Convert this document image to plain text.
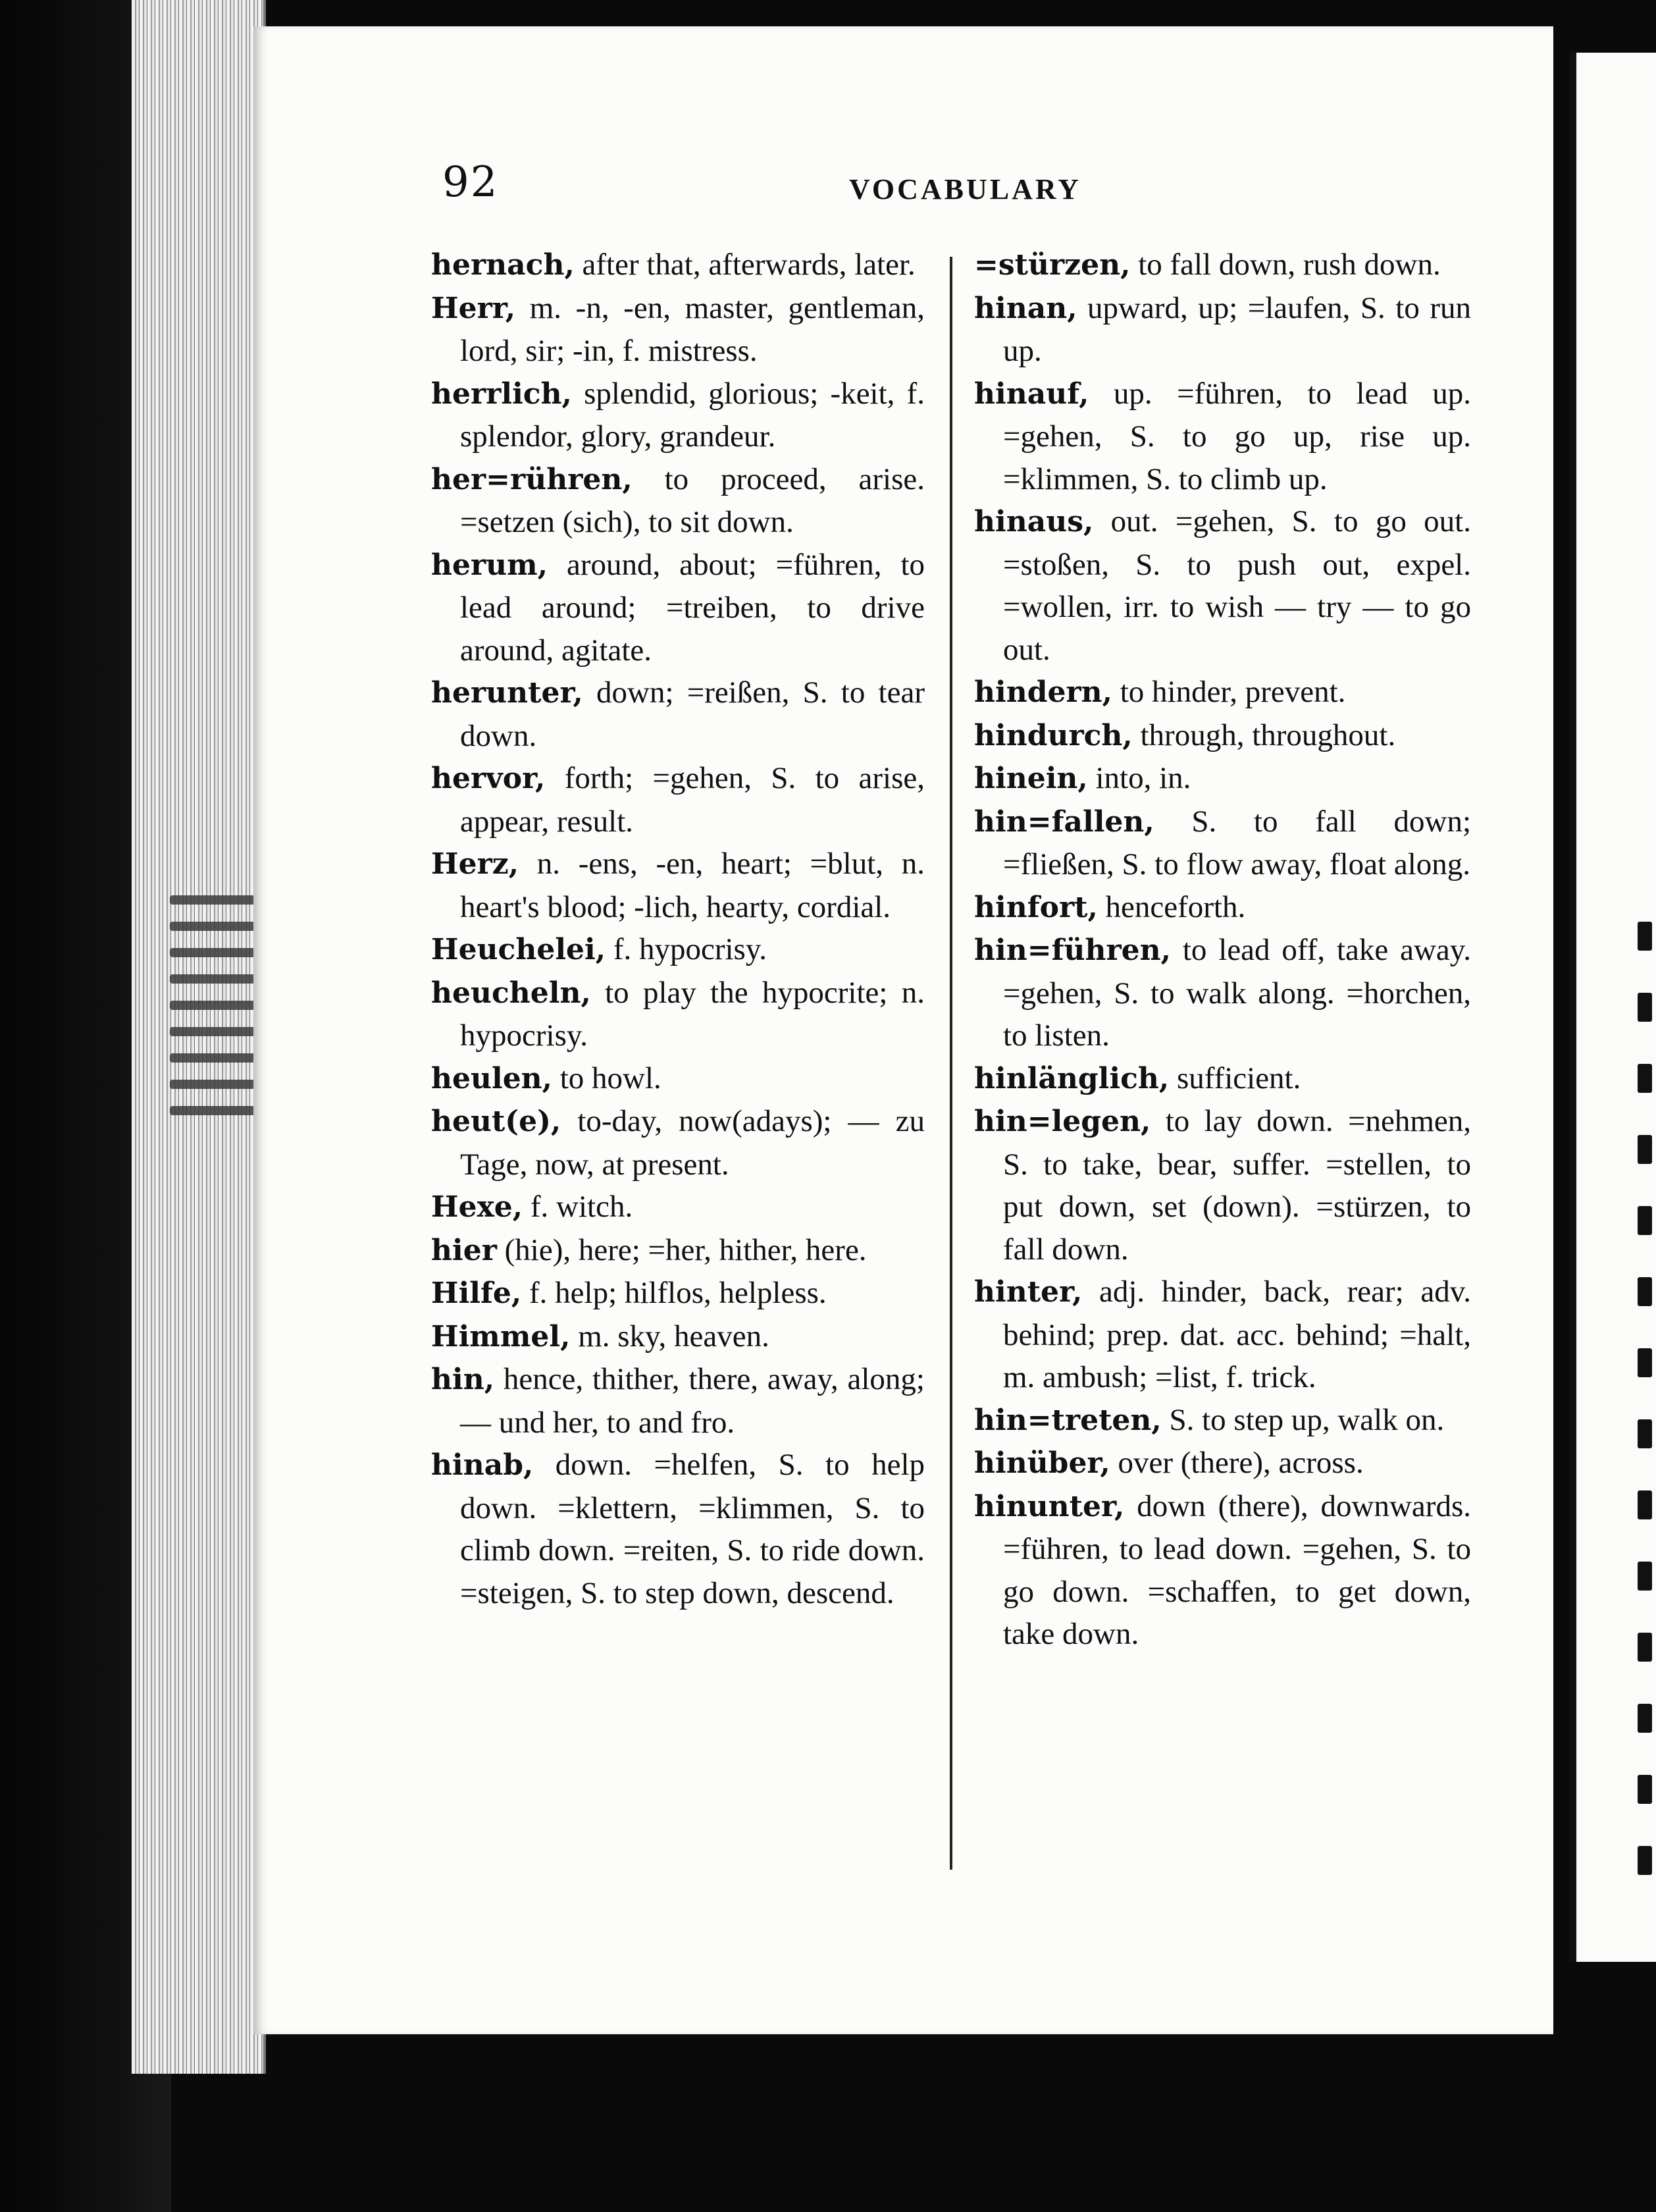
92	VOCABULARY

hernach, after that, afterwards, later.

Herr, m. -n, -en, master, gentleman, lord, sir; -in, f. mistress.

herrlich, splendid, glorious; -keit, f. splendor, glory, grandeur.

her=rühren, to proceed, arise. =setzen (sich), to sit down.

herum, around, about; =führen, to lead around; =treiben, to drive around, agitate.

herunter, down; =reißen, S. to tear down.

hervor, forth; =gehen, S. to arise, appear, result.

Herz, n. -ens, -en, heart; =blut, n. heart's blood; -lich, hearty, cordial.

Heuchelei, f. hypocrisy.

heucheln, to play the hypocrite; n. hypocrisy.

heulen, to howl.

heut(e), to-day, now(adays); — zu Tage, now, at present.

Hexe, f. witch.

hier (hie), here; =her, hither, here.

Hilfe, f. help; hilflos, helpless.

Himmel, m. sky, heaven.

hin, hence, thither, there, away, along; — und her, to and fro.

hinab, down. =helfen, S. to help down. =klettern, =klimmen, S. to climb down. =reiten, S. to ride down. =steigen, S. to step down, descend.

=stürzen, to fall down, rush down.

hinan, upward, up; =laufen, S. to run up.

hinauf, up. =führen, to lead up. =gehen, S. to go up, rise up. =klimmen, S. to climb up.

hinaus, out. =gehen, S. to go out. =stoßen, S. to push out, expel. =wollen, irr. to wish — try — to go out.

hindern, to hinder, prevent.

hindurch, through, throughout.

hinein, into, in.

hin=fallen, S. to fall down; =fließen, S. to flow away, float along.

hinfort, henceforth.

hin=führen, to lead off, take away. =gehen, S. to walk along. =horchen, to listen.

hinlänglich, sufficient.

hin=legen, to lay down. =nehmen, S. to take, bear, suffer. =stellen, to put down, set (down). =stürzen, to fall down.

hinter, adj. hinder, back, rear; adv. behind; prep. dat. acc. behind; =halt, m. ambush; =list, f. trick.

hin=treten, S. to step up, walk on.

hinüber, over (there), across.

hinunter, down (there), downwards. =führen, to lead down. =gehen, S. to go down. =schaffen, to get down, take down.
